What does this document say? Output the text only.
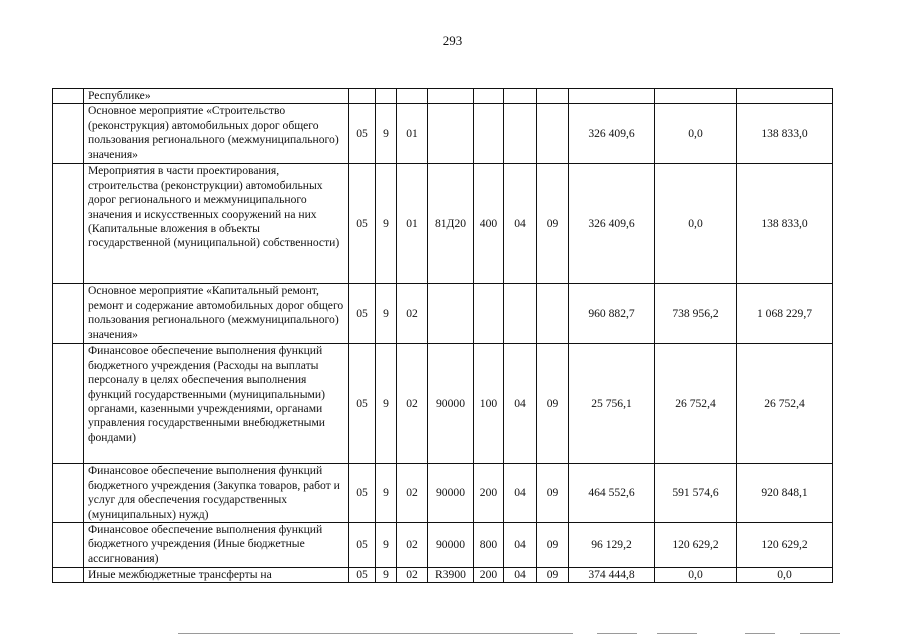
293
	Республике»										
	Основное мероприятие «Строительство (реконструкция) автомобильных дорог общего пользования регионального (межмуниципального) значения»	05	9	01					326 409,6	0,0	138 833,0
	Мероприятия в части проектирования, строительства (реконструкции) автомобильных дорог регионального и межмуниципального значения и искусственных сооружений на них (Капитальные вложения в объекты государственной (муниципальной) собственности)	05	9	01	81Д20	400	04	09	326 409,6	0,0	138 833,0
	Основное мероприятие «Капитальный ремонт, ремонт и содержание автомобильных дорог общего пользования регионального (межмуниципального) значения»	05	9	02					960 882,7	738 956,2	1 068 229,7
	Финансовое обеспечение выполнения функций бюджетного учреждения (Расходы на выплаты персоналу в целях обеспечения выполнения функций государственными (муниципальными) органами, казенными учреждениями, органами управления государственными внебюджетными фондами)	05	9	02	90000	100	04	09	25 756,1	26 752,4	26 752,4
	Финансовое обеспечение выполнения функций бюджетного учреждения (Закупка товаров, работ и услуг для обеспечения государственных (муниципальных) нужд)	05	9	02	90000	200	04	09	464 552,6	591 574,6	920 848,1
	Финансовое обеспечение выполнения функций бюджетного учреждения (Иные бюджетные ассигнования)	05	9	02	90000	800	04	09	96 129,2	120 629,2	120 629,2
	Иные межбюджетные трансферты на	05	9	02	R3900	200	04	09	374 444,8	0,0	0,0
